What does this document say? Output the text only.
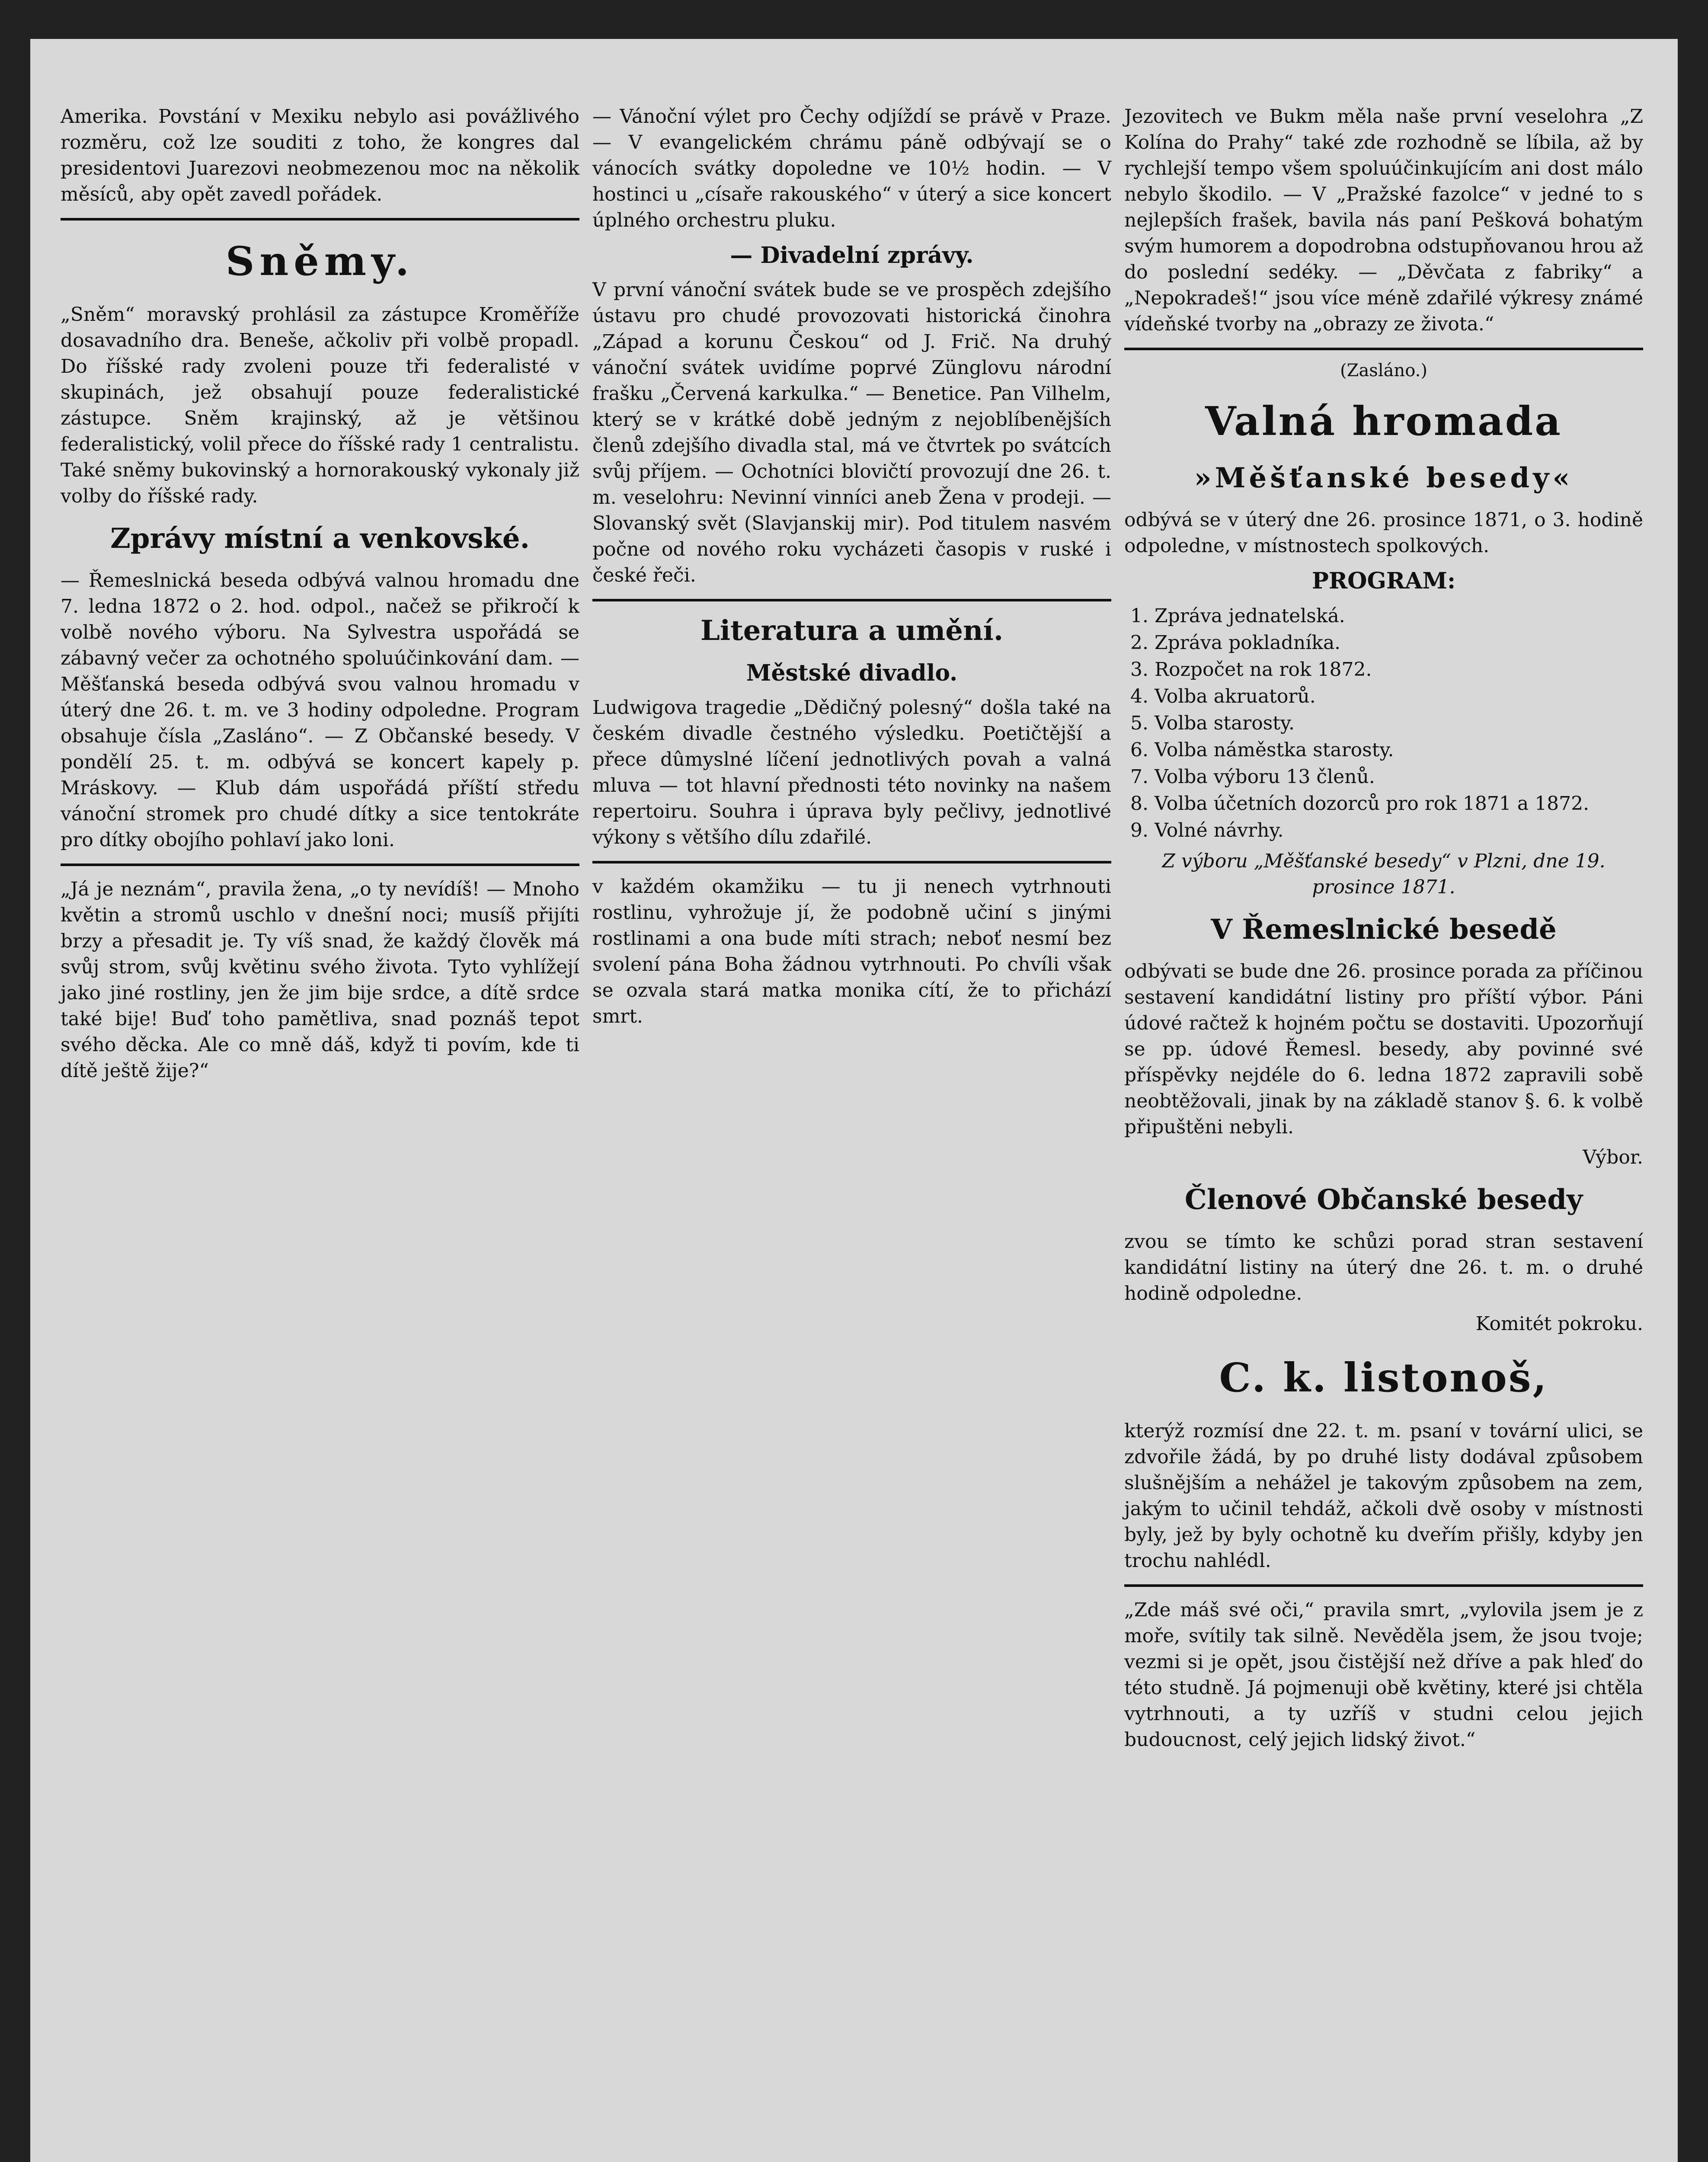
Amerika. Povstání v Mexiku nebylo asi povážlivého rozměru, což lze souditi z toho, že kongres dal presidentovi Juarezovi neobmezenou moc na několik měsíců, aby opět zavedl pořádek.

Sněmy.

„Sněm“ moravský prohlásil za zástupce Kroměříže dosavadního dra. Beneše, ačkoliv při volbě propadl. Do říšské rady zvoleni pouze tři federalisté v skupinách, jež obsahují pouze federalistické zástupce. Sněm krajinský, až je většinou federalistický, volil přece do říšské rady 1 centralistu. Také sněmy bukovinský a hornorakouský vykonaly již volby do říšské rady.

Zprávy místní a venkovské.

— Řemeslnická beseda odbývá valnou hromadu dne 7. ledna 1872 o 2. hod. odpol., načež se přikročí k volbě nového výboru. Na Sylvestra uspořádá se zábavný večer za ochotného spoluúčinkování dam. — Měšťanská beseda odbývá svou valnou hromadu v úterý dne 26. t. m. ve 3 hodiny odpoledne. Program obsahuje čísla „Zasláno“. — Z Občanské besedy. V pondělí 25. t. m. odbývá se koncert kapely p. Mráskovy. — Klub dám uspořádá příští středu vánoční stromek pro chudé dítky a sice tentokráte pro dítky obojího pohlaví jako loni.

„Já je neznám“, pravila žena, „o ty nevídíš! — Mnoho květin a stromů uschlo v dnešní noci; musíš přijíti brzy a přesadit je. Ty víš snad, že každý člověk má svůj strom, svůj květinu svého života. Tyto vyhlížejí jako jiné rostliny, jen že jim bije srdce, a dítě srdce také bije! Buď toho pamětliva, snad poznáš tepot svého děcka. Ale co mně dáš, když ti povím, kde ti dítě ještě žije?“

— Vánoční výlet pro Čechy odjíždí se právě v Praze. — V evangelickém chrámu páně odbývají se o vánocích svátky dopoledne ve 10½ hodin. — V hostinci u „císaře rakouského“ v úterý a sice koncert úplného orchestru pluku.

— Divadelní zprávy.

V první vánoční svátek bude se ve prospěch zdejšího ústavu pro chudé provozovati historická činohra „Západ a korunu Českou“ od J. Frič. Na druhý vánoční svátek uvidíme poprvé Zünglovu národní frašku „Červená karkulka.“ — Benetice. Pan Vilhelm, který se v krátké době jedným z nejoblíbenějších členů zdejšího divadla stal, má ve čtvrtek po svátcích svůj příjem. — Ochotníci blovičtí provozují dne 26. t. m. veselohru: Nevinní vinníci aneb Žena v prodeji. — Slovanský svět (Slavjanskij mir). Pod titulem nasvém počne od nového roku vycházeti časopis v ruské i české řeči.

Literatura a umění.
Městské divadlo.

Ludwigova tragedie „Dědičný polesný“ došla také na českém divadle čestného výsledku. Poetičtější a přece dûmyslné líčení jednotlivých povah a valná mluva — tot hlavní přednosti této novinky na našem repertoiru. Souhra i úprava byly pečlivy, jednotlivé výkony s většího dílu zdařilé.

v každém okamžiku — tu ji nenech vytrhnouti rostlinu, vyhrožuje jí, že podobně učiní s jinými rostlinami a ona bude míti strach; neboť nesmí bez svolení pána Boha žádnou vytrhnouti. Po chvíli však se ozvala stará matka monika cítí, že to přichází smrt.

Jezovitech ve Bukm měla naše první veselohra „Z Kolína do Prahy“ také zde rozhodně se líbila, až by rychlejší tempo všem spoluúčinkujícím ani dost málo nebylo škodilo. — V „Pražské fazolce“ v jedné to s nejlepších frašek, bavila nás paní Pešková bohatým svým humorem a dopodrobna odstupňovanou hrou až do poslední sedéky. — „Děvčata z fabriky“ a „Nepokradeš!“ jsou více méně zdařilé výkresy známé vídeňské tvorby na „obrazy ze života.“

(Zasláno.)
Valná hromada
»Měšťanské besedy«

odbývá se v úterý dne 26. prosince 1871, o 3. hodině odpoledne, v místnostech spolkových.

PROGRAM:
1. Zpráva jednatelská.
2. Zpráva pokladníka.
3. Rozpočet na rok 1872.
4. Volba akruatorů.
5. Volba starosty.
6. Volba náměstka starosty.
7. Volba výboru 13 členů.
8. Volba účetních dozorců pro rok 1871 a 1872.
9. Volné návrhy.
Z výboru „Měšťanské besedy“ v Plzni, dne 19. prosince 1871.
V Řemeslnické besedě

odbývati se bude dne 26. prosince porada za příčinou sestavení kandidátní listiny pro příští výbor. Páni údové račtež k hojném počtu se dostaviti. Upozorňují se pp. údové Řemesl. besedy, aby povinné své příspěvky nejdéle do 6. ledna 1872 zapravili sobě neobtěžovali, jinak by na základě stanov §. 6. k volbě připuštěni nebyli.

Výbor.

Členové Občanské besedy

zvou se tímto ke schůzi porad stran sestavení kandidátní listiny na úterý dne 26. t. m. o druhé hodině odpoledne.

Komitét pokroku.

C. k. listonoš,

kterýž rozmísí dne 22. t. m. psaní v tovární ulici, se zdvořile žádá, by po druhé listy dodával způsobem slušnějším a nehážel je takovým způsobem na zem, jakým to učinil tehdáž, ačkoli dvě osoby v místnosti byly, jež by byly ochotně ku dveřím přišly, kdyby jen trochu nahlédl.

„Zde máš své oči,“ pravila smrt, „vylovila jsem je z moře, svítily tak silně. Nevěděla jsem, že jsou tvoje; vezmi si je opět, jsou čistější než dříve a pak hleď do této studně. Já pojmenuji obě květiny, které jsi chtěla vytrhnouti, a ty uzříš v studni celou jejich budoucnost, celý jejich lidský život.“
